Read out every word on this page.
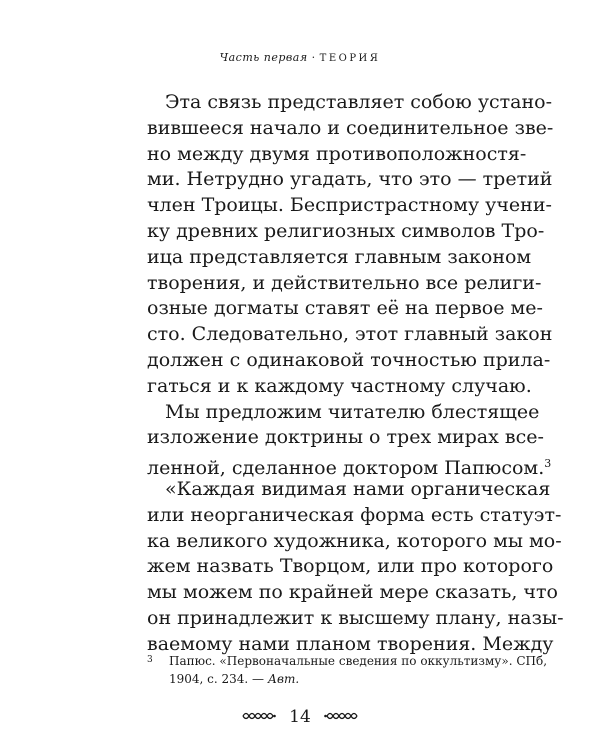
Часть первая · ТЕОРИЯ
Эта связь представляет собою устано-
вившееся начало и соединительное зве-
но между двумя противоположностя-
ми. Нетрудно угадать, что это — третий
член Троицы. Беспристрастному учени-
ку древних религиозных символов Тро-
ица представляется главным законом
творения, и действительно все религи-
озные догматы ставят её на первое ме-
сто. Следовательно, этот главный закон
должен с одинаковой точностью прила-
гаться и к каждому частному случаю.
Мы предложим читателю блестящее
изложение доктрины о трех мирах все-
ленной, сделанное доктором Папюсом.$^3$
«Каждая видимая нами органическая
или неорганическая форма есть статуэт-
ка великого художника, которого мы мо-
жем назвать Творцом, или про которого
мы можем по крайней мере сказать, что
он принадлежит к высшему плану, назы-
ваемому нами планом творения. Между
3 Папюс. «Первоначальные сведения по оккультизму». СПб,
1904, с. 234. — Авт.
14
